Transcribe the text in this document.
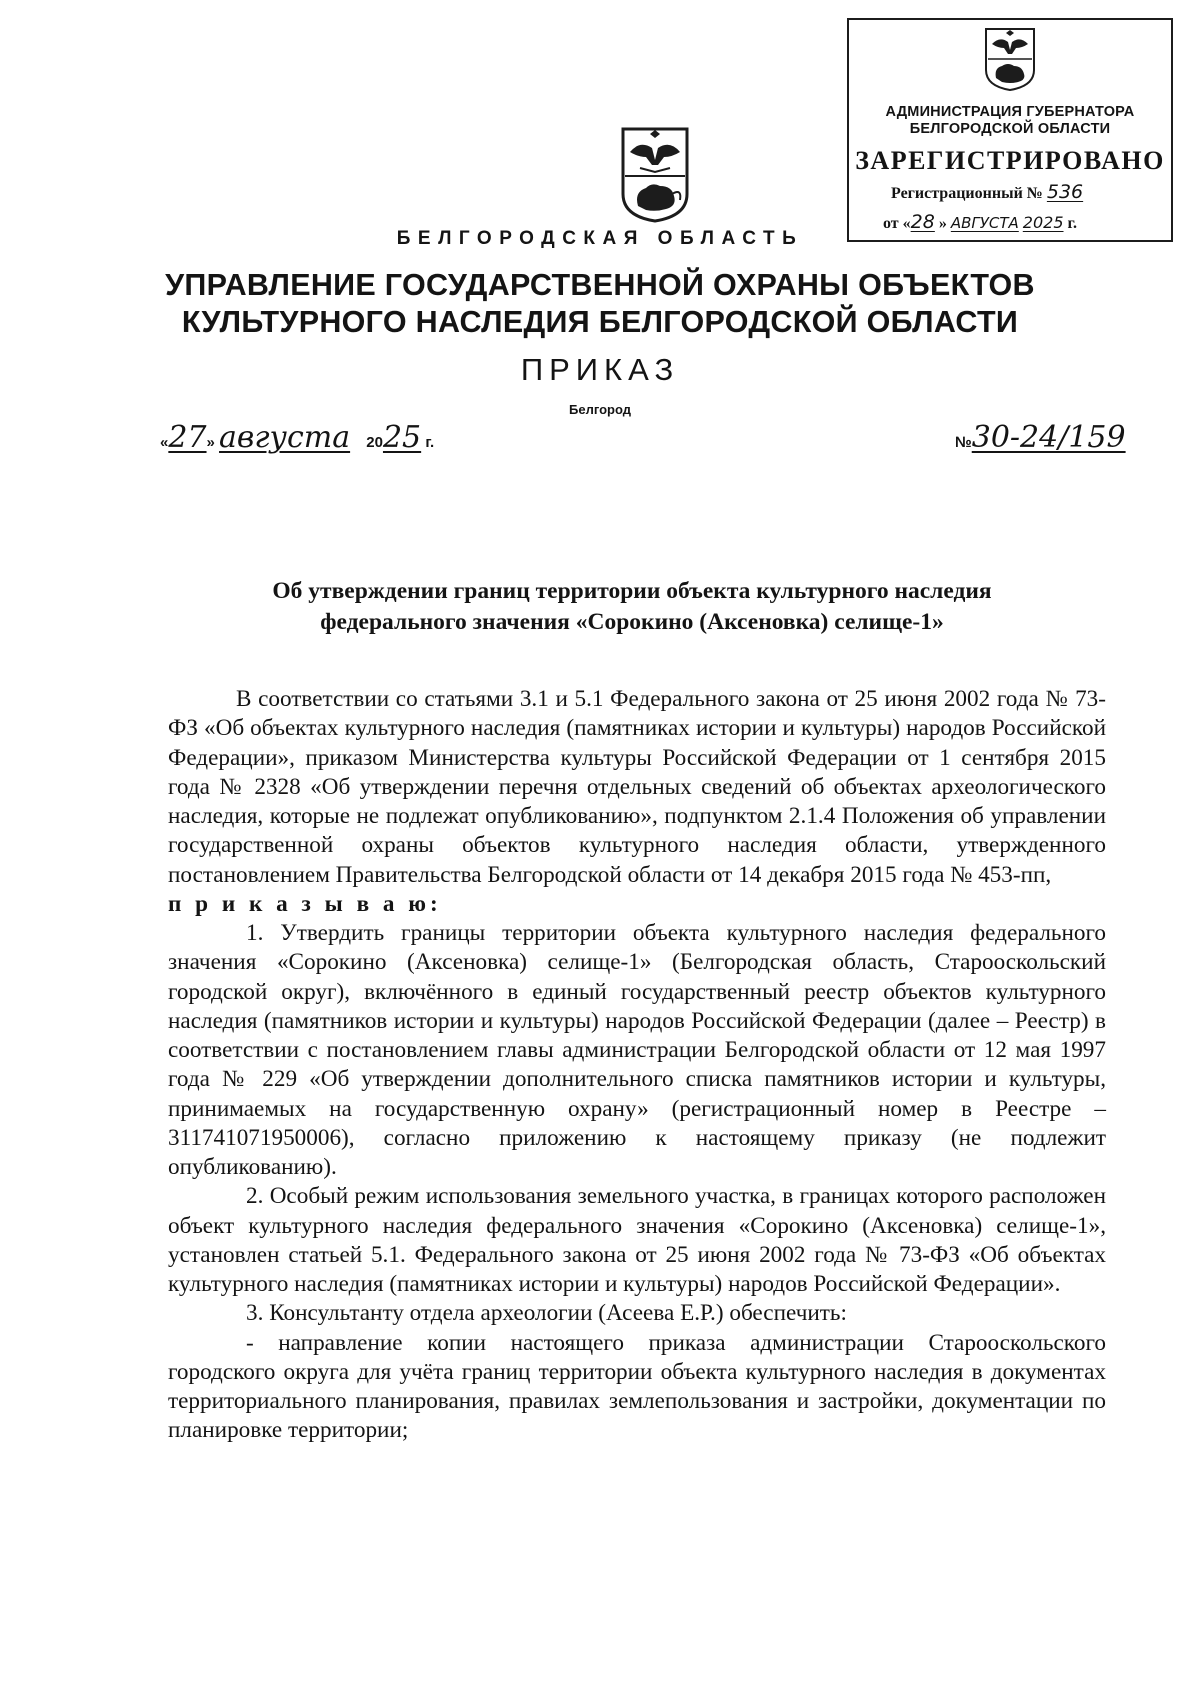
АДМИНИСТРАЦИЯ ГУБЕРНАТОРА
БЕЛГОРОДСКОЙ ОБЛАСТИ
ЗАРЕГИСТРИРОВАНО
Регистрационный № 536
от «28 » АВГУСТА 2025 г.
БЕЛГОРОДСКАЯ ОБЛАСТЬ
УПРАВЛЕНИЕ ГОСУДАРСТВЕННОЙ ОХРАНЫ ОБЪЕКТОВ
КУЛЬТУРНОГО НАСЛЕДИЯ БЕЛГОРОДСКОЙ ОБЛАСТИ
ПРИКАЗ
Белгород
«27» августа 2025 г.	№30-24/159
Об утверждении границ территории объекта культурного наследия
федерального значения «Сорокино (Аксеновка) селище-1»

В соответствии со статьями 3.1 и 5.1 Федерального закона от 25 июня 2002 года № 73-ФЗ «Об объектах культурного наследия (памятниках истории и культуры) народов Российской Федерации», приказом Министерства культуры Российской Федерации от 1 сентября 2015 года № 2328 «Об утверждении перечня отдельных сведений об объектах археологического наследия, которые не подлежат опубликованию», подпунктом 2.1.4 Положения об управлении государственной охраны объектов культурного наследия области, утвержденного постановлением Правительства Белгородской области от 14 декабря 2015 года № 453-пп,

п р и к а з ы в а ю:

1. Утвердить границы территории объекта культурного наследия федерального значения «Сорокино (Аксеновка) селище-1» (Белгородская область, Старооскольский городской округ), включённого в единый государственный реестр объектов культурного наследия (памятников истории и культуры) народов Российской Федерации (далее – Реестр) в соответствии с постановлением главы администрации Белгородской области от 12 мая 1997 года № 229 «Об утверждении дополнительного списка памятников истории и культуры, принимаемых на государственную охрану» (регистрационный номер в Реестре – 311741071950006), согласно приложению к настоящему приказу (не подлежит опубликованию).

2. Особый режим использования земельного участка, в границах которого расположен объект культурного наследия федерального значения «Сорокино (Аксеновка) селище-1», установлен статьей 5.1. Федерального закона от 25 июня 2002 года № 73-ФЗ «Об объектах культурного наследия (памятниках истории и культуры) народов Российской Федерации».

3. Консультанту отдела археологии (Асеева Е.Р.) обеспечить:

- направление копии настоящего приказа администрации Старооскольского городского округа для учёта границ территории объекта культурного наследия в документах территориального планирования, правилах землепользования и застройки, документации по планировке территории;
